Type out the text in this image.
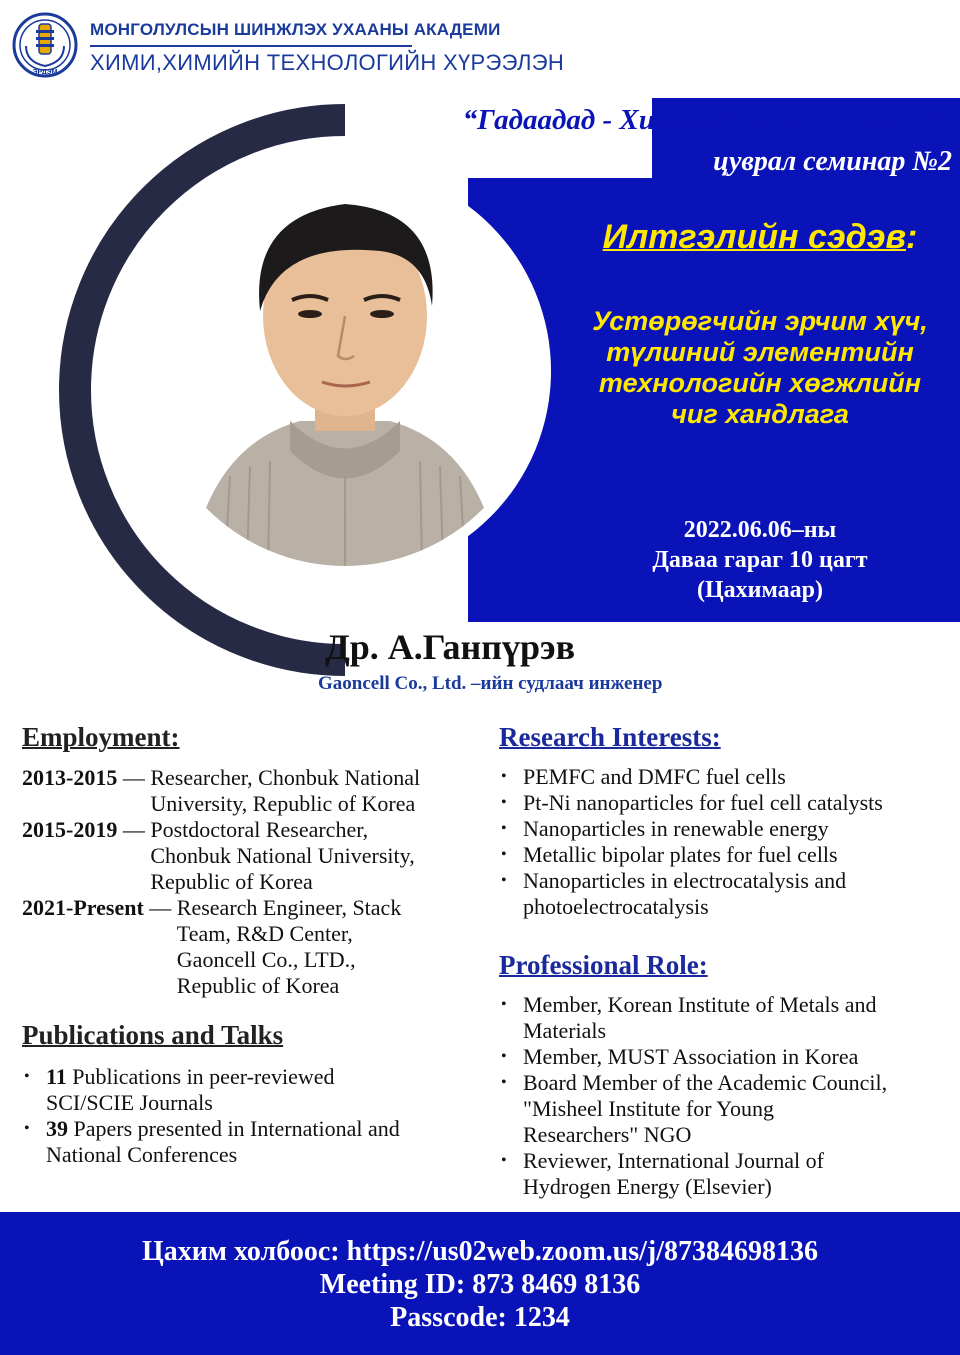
ЭРДЭМ
МОНГОЛУЛСЫН ШИНЖЛЭХ УХААНЫ АКАДЕМИ
ХИМИ,ХИМИЙН ТЕХНОЛОГИЙН ХҮРЭЭЛЭН
“Гадаадад - Химич Монгол эрдэмтэд”
цуврал семинар №2
Илтгэлийн сэдэв:
Устөрөгчийн эрчим хүч,
түлшний элементийн
технологийн хөгжлийн
чиг хандлага
2022.06.06–ны
Даваа гараг 10 цагт
(Цахимаар)
Др. А.Ганпүрэв
Gaoncell Co., Ltd. –ийн судлаач инженер
Employment:
2013-2015 — Researcher, Chonbuk National
University, Republic of Korea
2015-2019 — Postdoctoral Researcher,
Chonbuk National University,
Republic of Korea
2021-Present — Research Engineer, Stack
Team, R&D Center,
Gaoncell Co., LTD.,
Republic of Korea
Publications and Talks
• 11 Publications in peer-reviewed
SCI/SCIE Journals
• 39 Papers presented in International and
National Conferences
Research Interests:
• PEMFC and DMFC fuel cells
• Pt-Ni nanoparticles for fuel cell catalysts
• Nanoparticles in renewable energy
• Metallic bipolar plates for fuel cells
• Nanoparticles in electrocatalysis and
photoelectrocatalysis
Professional Role:
• Member, Korean Institute of Metals and
Materials
• Member, MUST Association in Korea
• Board Member of the Academic Council,
"Misheel Institute for Young
Researchers" NGO
• Reviewer, International Journal of
Hydrogen Energy (Elsevier)
Цахим холбоос: https://us02web.zoom.us/j/87384698136
Meeting ID: 873 8469 8136
Passcode: 1234
